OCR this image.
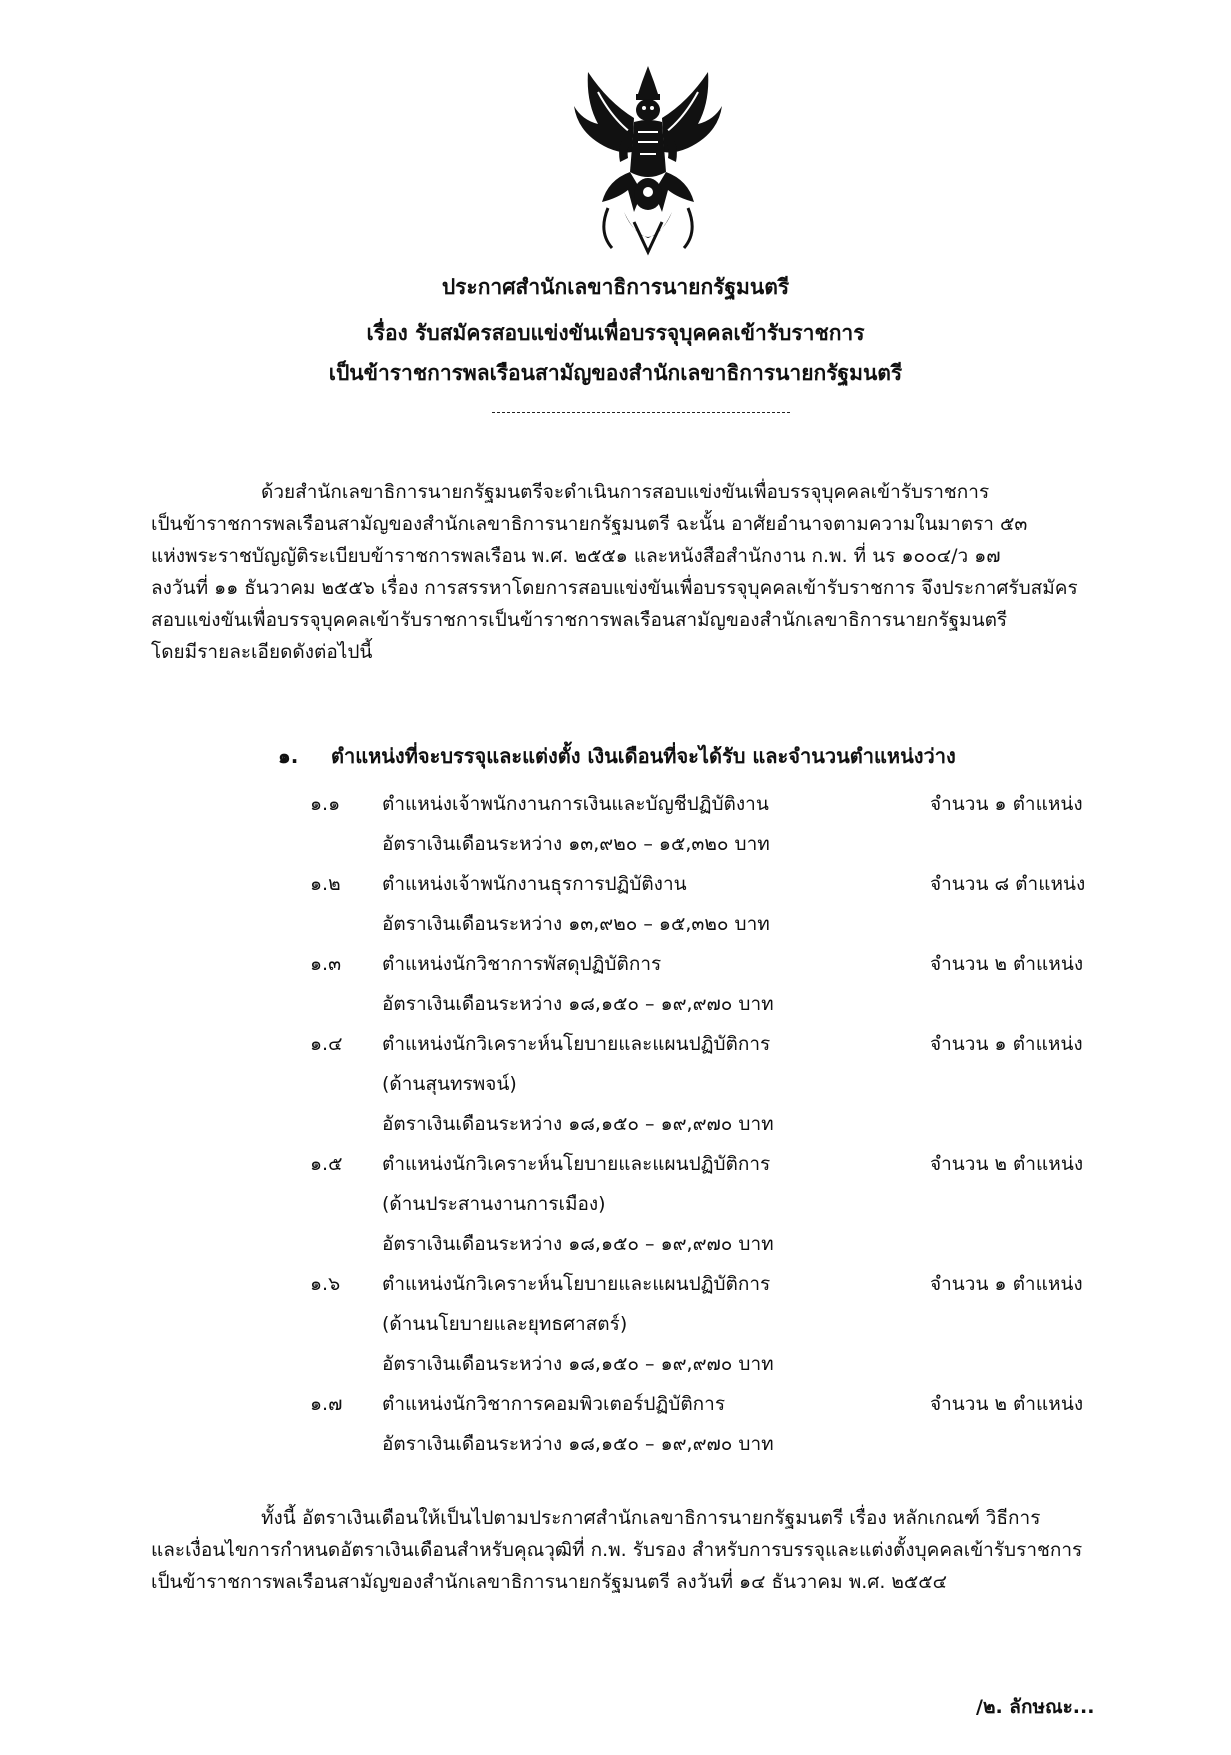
ประกาศสำนักเลขาธิการนายกรัฐมนตรี
เรื่อง รับสมัครสอบแข่งขันเพื่อบรรจุบุคคลเข้ารับราชการ
เป็นข้าราชการพลเรือนสามัญของสำนักเลขาธิการนายกรัฐมนตรี
ด้วยสำนักเลขาธิการนายกรัฐมนตรีจะดำเนินการสอบแข่งขันเพื่อบรรจุบุคคลเข้ารับราชการ
เป็นข้าราชการพลเรือนสามัญของสำนักเลขาธิการนายกรัฐมนตรี ฉะนั้น อาศัยอำนาจตามความในมาตรา ๕๓
แห่งพระราชบัญญัติระเบียบข้าราชการพลเรือน พ.ศ. ๒๕๕๑ และหนังสือสำนักงาน ก.พ. ที่ นร ๑๐๐๔/ว ๑๗
ลงวันที่ ๑๑ ธันวาคม ๒๕๕๖ เรื่อง การสรรหาโดยการสอบแข่งขันเพื่อบรรจุบุคคลเข้ารับราชการ จึงประกาศรับสมัคร
สอบแข่งขันเพื่อบรรจุบุคคลเข้ารับราชการเป็นข้าราชการพลเรือนสามัญของสำนักเลขาธิการนายกรัฐมนตรี
โดยมีรายละเอียดดังต่อไปนี้
๑. ตำแหน่งที่จะบรรจุและแต่งตั้ง เงินเดือนที่จะได้รับ และจำนวนตำแหน่งว่าง
๑.๑	ตำแหน่งเจ้าพนักงานการเงินและบัญชีปฏิบัติงาน	จำนวน ๑ ตำแหน่ง
อัตราเงินเดือนระหว่าง ๑๓,๙๒๐ – ๑๕,๓๒๐ บาท
๑.๒	ตำแหน่งเจ้าพนักงานธุรการปฏิบัติงาน	จำนวน ๘ ตำแหน่ง
อัตราเงินเดือนระหว่าง ๑๓,๙๒๐ – ๑๕,๓๒๐ บาท
๑.๓	ตำแหน่งนักวิชาการพัสดุปฏิบัติการ	จำนวน ๒ ตำแหน่ง
อัตราเงินเดือนระหว่าง ๑๘,๑๕๐ – ๑๙,๙๗๐ บาท
๑.๔	ตำแหน่งนักวิเคราะห์นโยบายและแผนปฏิบัติการ	จำนวน ๑ ตำแหน่ง
(ด้านสุนทรพจน์)
อัตราเงินเดือนระหว่าง ๑๘,๑๕๐ – ๑๙,๙๗๐ บาท
๑.๕	ตำแหน่งนักวิเคราะห์นโยบายและแผนปฏิบัติการ	จำนวน ๒ ตำแหน่ง
(ด้านประสานงานการเมือง)
อัตราเงินเดือนระหว่าง ๑๘,๑๕๐ – ๑๙,๙๗๐ บาท
๑.๖	ตำแหน่งนักวิเคราะห์นโยบายและแผนปฏิบัติการ	จำนวน ๑ ตำแหน่ง
(ด้านนโยบายและยุทธศาสตร์)
อัตราเงินเดือนระหว่าง ๑๘,๑๕๐ – ๑๙,๙๗๐ บาท
๑.๗	ตำแหน่งนักวิชาการคอมพิวเตอร์ปฏิบัติการ	จำนวน ๒ ตำแหน่ง
อัตราเงินเดือนระหว่าง ๑๘,๑๕๐ – ๑๙,๙๗๐ บาท
ทั้งนี้ อัตราเงินเดือนให้เป็นไปตามประกาศสำนักเลขาธิการนายกรัฐมนตรี เรื่อง หลักเกณฑ์ วิธีการ
และเงื่อนไขการกำหนดอัตราเงินเดือนสำหรับคุณวุฒิที่ ก.พ. รับรอง สำหรับการบรรจุและแต่งตั้งบุคคลเข้ารับราชการ
เป็นข้าราชการพลเรือนสามัญของสำนักเลขาธิการนายกรัฐมนตรี ลงวันที่ ๑๔ ธันวาคม พ.ศ. ๒๕๕๔
/๒. ลักษณะ...
